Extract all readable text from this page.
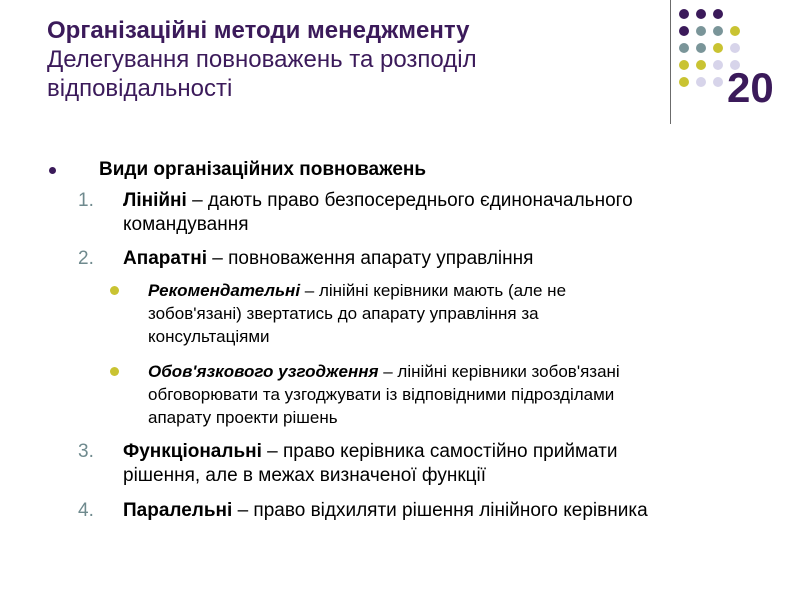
Організаційні методи менеджменту
Делегування повноважень та розподіл
відповідальності	20
Види організаційних повноважень
1. Лінійні – дають право безпосереднього єдиноначального
командування
2. Апаратні – повноваження апарату управління
Рекомендательні – лінійні керівники мають (але не
зобов'язані) звертатись до апарату управління за
консультаціями
Обов'язкового узгодження – лінійні керівники зобов'язані
обговорювати та узгоджувати із відповідними підрозділами
апарату проекти рішень
3. Функціональні – право керівника самостійно приймати
рішення, але в межах визначеної функції
4. Паралельні – право відхиляти рішення лінійного керівника
